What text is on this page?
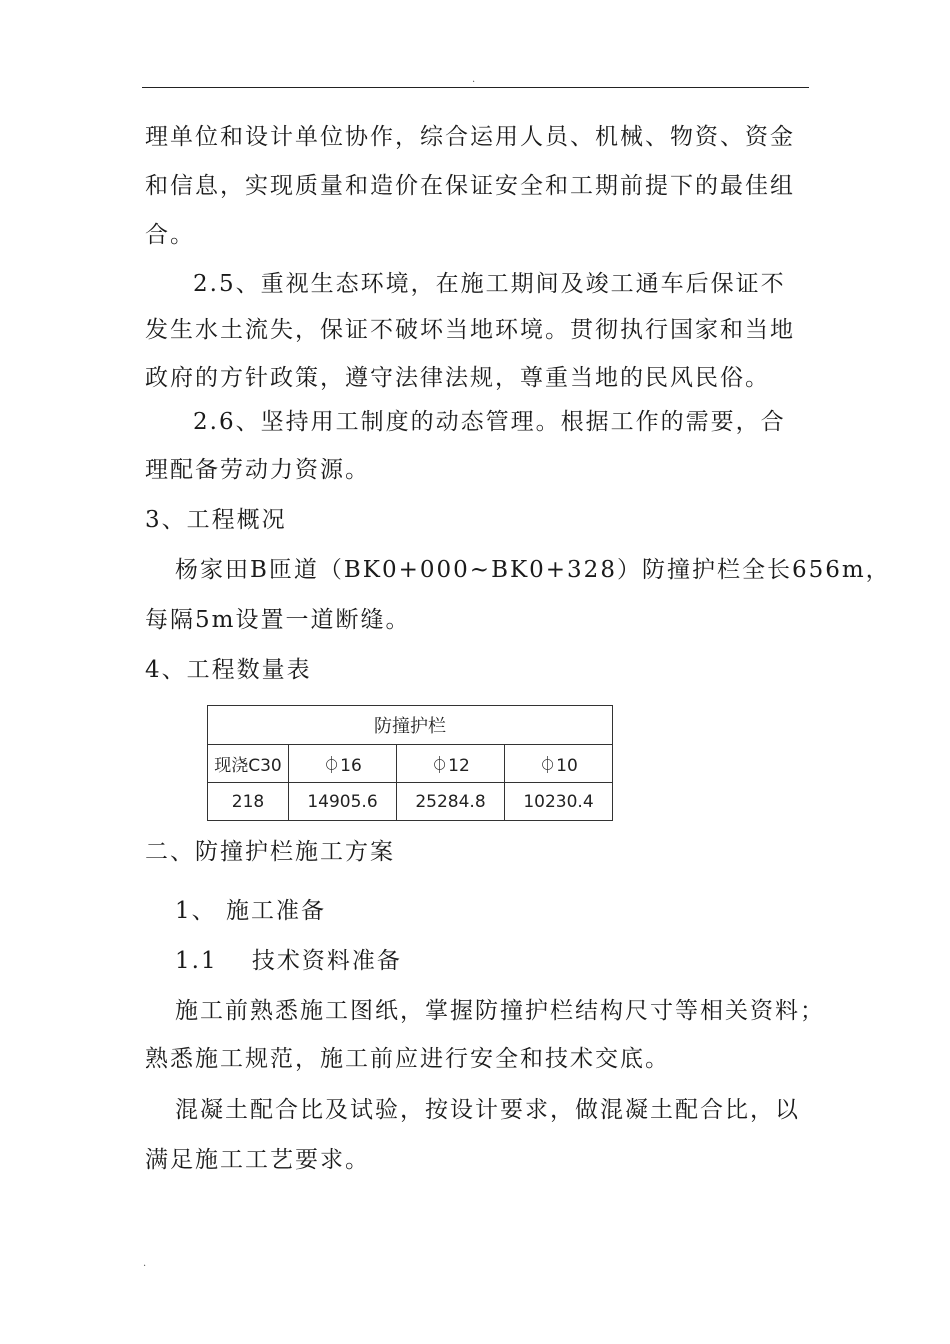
.
理单位和设计单位协作，综合运用人员、机械、物资、资金
和信息，实现质量和造价在保证安全和工期前提下的最佳组
合。
2.5、重视生态环境，在施工期间及竣工通车后保证不
发生水土流失，保证不破坏当地环境。贯彻执行国家和当地
政府的方针政策，遵守法律法规，尊重当地的民风民俗。
2.6、坚持用工制度的动态管理。根据工作的需要，合
理配备劳动力资源。
3、工程概况
杨家田B匝道（BK0+000~BK0+328）防撞护栏全长656m，
每隔5m设置一道断缝。
4、工程数量表
防撞护栏			
现浇C30	⏀16	⏀12	⏀10
218	14905.6	25284.8	10230.4
二、防撞护栏施工方案
1、 施工准备
1.1　 技术资料准备
施工前熟悉施工图纸，掌握防撞护栏结构尺寸等相关资料；
熟悉施工规范，施工前应进行安全和技术交底。
混凝土配合比及试验，按设计要求，做混凝土配合比，以
满足施工工艺要求。
.
